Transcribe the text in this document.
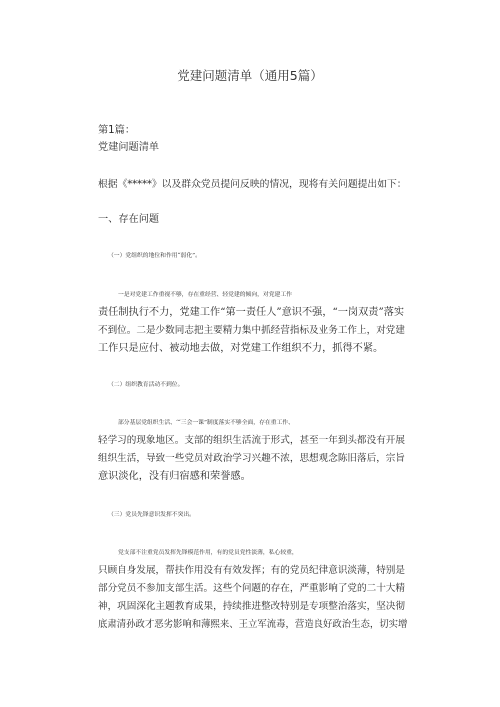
党建问题清单（通用5篇）
第1篇：
党建问题清单
根据《*****》以及群众党员提问反映的情况，现将有关问题提出如下：
一、存在问题
（一）党组织的地位和作用“弱化”。
一是对党建工作重视不够，存在重经营、轻党建的倾向，对党建工作
责任制执行不力，党建工作“第一责任人”意识不强，“一岗双责”落实
不到位。二是少数同志把主要精力集中抓经营指标及业务工作上，对党建
工作只是应付、被动地去做，对党建工作组织不力，抓得不紧。
（二）组织教育活动不到位。
部分基层党组织生活、‘“三会一课”制度落实不够全面，存在重工作、
轻学习的现象地区。支部的组织生活流于形式，甚至一年到头都没有开展
组织生活，导致一些党员对政治学习兴趣不浓，思想观念陈旧落后，宗旨
意识淡化，没有归宿感和荣誉感。
（三）党员先锋意识发挥不突出。
党支部不注重党员发挥先锋模范作用，有的党员党性淡薄，私心较重，
只顾自身发展，帮扶作用没有有效发挥；有的党员纪律意识淡薄，特别是
部分党员不参加支部生活。这些个问题的存在，严重影响了党的二十大精
神，巩固深化主题教育成果，持续推进整改特别是专项整治落实，坚决彻
底肃清孙政才恶劣影响和薄熙来、王立军流毒，营造良好政治生态，切实增
